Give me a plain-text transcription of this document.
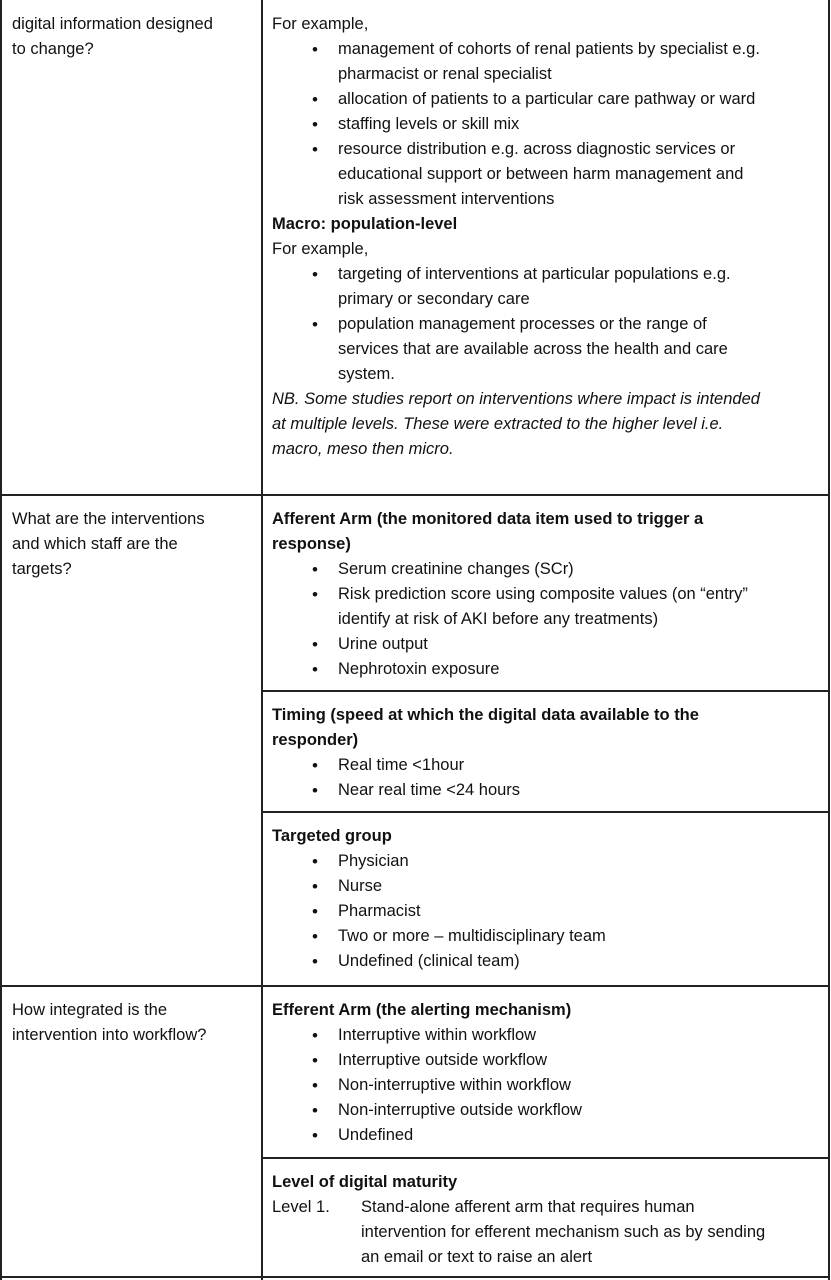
digital information designed
to change?
For example,
• management of cohorts of renal patients by specialist e.g.
pharmacist or renal specialist
• allocation of patients to a particular care pathway or ward
• staffing levels or skill mix
• resource distribution e.g. across diagnostic services or
educational support or between harm management and
risk assessment interventions
Macro: population-level
For example,
• targeting of interventions at particular populations e.g.
primary or secondary care
• population management processes or the range of
services that are available across the health and care
system.
NB. Some studies report on interventions where impact is intended
at multiple levels. These were extracted to the higher level i.e.
macro, meso then micro.
What are the interventions
and which staff are the
targets?
Afferent Arm (the monitored data item used to trigger a
response)
• Serum creatinine changes (SCr)
• Risk prediction score using composite values (on “entry”
identify at risk of AKI before any treatments)
• Urine output
• Nephrotoxin exposure
Timing (speed at which the digital data available to the
responder)
• Real time <1hour
• Near real time <24 hours
Targeted group
• Physician
• Nurse
• Pharmacist
• Two or more – multidisciplinary team
• Undefined (clinical team)
How integrated is the
intervention into workflow?
Efferent Arm (the alerting mechanism)
• Interruptive within workflow
• Interruptive outside workflow
• Non-interruptive within workflow
• Non-interruptive outside workflow
• Undefined
Level of digital maturity
Level 1. Stand-alone afferent arm that requires human
intervention for efferent mechanism such as by sending
an email or text to raise an alert
